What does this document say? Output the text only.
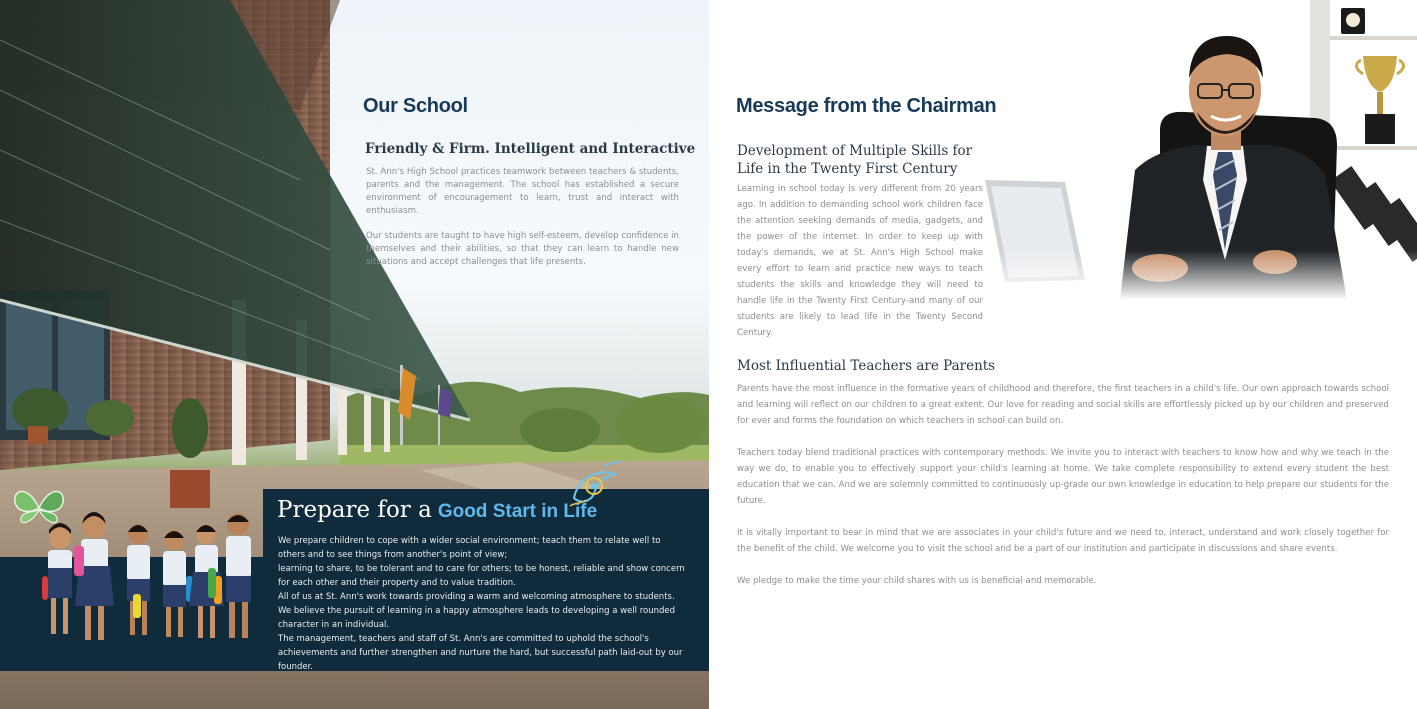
Our School
Friendly & Firm. Intelligent and Interactive

St. Ann's High School practices teamwork between teachers & students, parents and the management. The school has established a secure environment of encouragement to learn, trust and interact with enthusiasm.

Our students are taught to have high self-esteem, develop confidence in themselves and their abilities, so that they can learn to handle new situations and accept challenges that life presents.

Prepare for a Good Start in Life

We prepare children to cope with a wider social environment; teach them to relate well to others and to see things from another's point of view;

learning to share, to be tolerant and to care for others; to be honest, reliable and show concern for each other and their property and to value tradition.

All of us at St. Ann's work towards providing a warm and welcoming atmosphere to students.

We believe the pursuit of learning in a happy atmosphere leads to developing a well rounded character in an individual.

The management, teachers and staff of St. Ann's are committed to uphold the school's achievements and further strengthen and nurture the hard, but successful path laid-out by our founder.

Message from the Chairman
Development of Multiple Skills for Life in the Twenty First Century

Learning in school today is very different from 20 years ago. In addition to demanding school work children face the attention seeking demands of media, gadgets, and the power of the internet. In order to keep up with today's demands, we at St. Ann's High School make every effort to learn and practice new ways to teach students the skills and knowledge they will need to handle life in the Twenty First Century-and many of our students are likely to lead life in the Twenty Second Century.

Most Influential Teachers are Parents

Parents have the most influence in the formative years of childhood and therefore, the first teachers in a child's life. Our own approach towards school and learning will reflect on our children to a great extent. Our love for reading and social skills are effortlessly picked up by our children and preserved for ever and forms the foundation on which teachers in school can build on.

Teachers today blend traditional practices with contemporary methods. We invite you to interact with teachers to know how and why we teach in the way we do, to enable you to effectively support your child's learning at home. We take complete responsibility to extend every student the best education that we can. And we are solemnly committed to continuously up-grade our own knowledge in education to help prepare our students for the future.

It is vitally important to bear in mind that we are associates in your child's future and we need to, interact, understand and work closely together for the benefit of the child. We welcome you to visit the school and be a part of our institution and participate in discussions and share events.

We pledge to make the time your child shares with us is beneficial and memorable.
